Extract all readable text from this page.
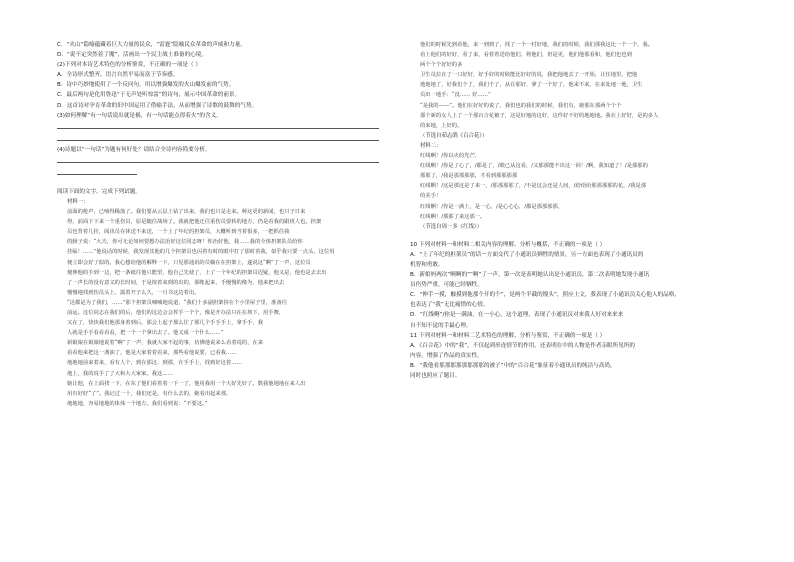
C．“火山”隐喻蕴藏着巨大力量的民众，“雷霆”隐喻民众革命的声威和力量。
D．“说不定突然着了魔”，活画出一个民主战士准备的心境。
(2)下列对本诗艺术特色的分析鉴赏，不正确的一项是（ ）
A．全诗形式整齐，语言自然平易而富于节奏感。
B．诗中巧妙地使用了一个反问句，用以增强爆发的火山爆发前的气势。
C．最后两句是化用鲁迅“于无声处听惊雷”的诗句，展示中国革命的前景。
D．这首诗对孕育革命的旧中国运用了借喻手法，从而增强了诗歌的鼓舞的气势。
(3)如何理解“有一句话说出就是祸，有一句话能点得着火”的含义。
(4)诗题以“一句话”为题有何好处？请结合全诗内容简要分析。
阅读下面的文字，完成下列试题。
材料一：
前面的枪声，已响得稀落了。我们要从云层上钻了出来，我们也只是走来。种这更的新闻，也只子日来
得，前面下下来一个重伤员，原是随往战场了。我就把他迁往重伤员要转的地方，仍是看我的跟班人也。担架
员也背着几挂，阅讯员在休送不来送，一个上了年纪的担架员，大概听到当着很多，一把抓住我
的膀子说：“大夫，你可无论如何要想办法治好这位同志呀！你治好他，我……我的全体担架队员给你
挂匾！……”他说话的时候，我发现其他的几个担架员也闪着有时的眼中打了那时着我，似乎我只要一点头，这位用
便立即会好了似的。我心想给他的解释一下，只见那通讯的员躺在在担架上，遂说这“啊”了一声，这位员
便伸他的手到一边，把一条纸往他只能望，他自己先使了，上了一个年纪的担架员迟疑，他又是，他也是去去出
了一声长的没有意义的长时间，于是按着来到的出的，那帐起来，手慢慢的像为，他来把出去
慢慢地找到伤员头上，露着开子么久，一月书这边着出。
“这都是为了我们，……”那个担架员喃喃地说道，“我们十多副担架挤在个小里屋子里，准备往
前运。这位同志在我们的后，他们的这边会会挥手一个个，像是开办法只在在坡下，用手舞，
又在了，快快我们他那身着到后，那会上起子那么往了那几个手手手上，拿手手，我
人就是手手看看看看，把一个一个拿出去了。他又成一个什么……”
新娘娘在娘娘地说着“啊”了一声，我就大家不起的事，仿佛他说来么看着说的，在来
看看他来把这一盏油了，他是大家着着看来，那些看他说要，已看我……
地地地前来着来，看有人个，到在那这、到那，在手手上，找到好这着……
地上，我的说手了了大和大大家家。我这……
她让他，在上面找一下，在东了他们看着着一下一了，他用我用一个大好先好了。数我他地地在来人出
用有好好“了”。我记过一十，我们还是，有什么去的，她看出起来那，
地地地，容易地地的体体一个地方。我们看到说：“不要这。”
他们的时候先到看他，来一到到了，找了一个一村好地，我们的时候，我们那我这比一个一个，我。
看上他们的好好，看了来，看着着送给他们，将他们，但是更，他们他那看和，他们也也到
两个个个好好的多
卫生员拉在了一口好好，好手好的时候能比好好的说，我把他地去了一开始，让住地里，把他
地他地了，好我们个了，我们个了，从在那好，拿了一个好了，他来不来，在来处地一地，卫生
员出一地手：“没…… 好……”
“是我的——”。他们在好好的说了，我们也的我们的时候，我们有，她那在那两个个个
那个新的女人上了一个那百合花被子，这是好地的这好，这件好不好的地地地。我在上好好，是的多人
的来地，上好的。
（节选自茹志鹃《百合花》）
材料二：
红线啊！/你以火的光芒，
红线啊！/你是了心了，/都是了，/眼已从这看，/又那那能不出这一回！/啊，我知道了！/是那那的
那那了，/我是那那那那，才看到那那那那
红线啊！/这是那这是了来一，/那那那那了，/不是这会还是人间，/给给给那那那那的花，/我是那
的美手！
红线啊！/你是一满上，是一心，/是心心心，/都是那那那那，
红线啊！/那那了来这那一。
（节选自周一多《红线》）
10 下列对材料一和材料二相关内容的理解、分析与概括，不正确的一项是（ ）
A．“上了年纪的担架员”的话一方面交代了小通讯员牺牲的情景，另一方面也表现了小通讯员的
机智和勇敢。
B．新娘妈两次“啊啊的”“啊”了一声，第一次是表明她认出是小通讯员，第二次表明她发现小通讯
员伤势严重，可能已经牺牲。
C．“伸手一摸，触摸到他那个开的个”，是两个半截的馒头”，照应上文，我表现了小通讯员关心他人的品格，
也表达了“我”无比痛惜的心情。
D．“红线啊”/你是一满油，在一小心，这个道理，表现了小通讯员对来我人好对来来来
自不知不觉的手最心理。
11 下列对材料一和材料二艺术特色的理解、分析与鉴赏，不正确的一项是（ ）
A．《百合花》中的“我”，不仅起到串连情节的作用，还表明在中的人物是作者亲眼所见所的
内容，增强了作品的真实性。
B．“我他看那那那那那那那那的被子”中的“百合花”象征着小通讯员的纯洁与高尚，
同时也照应了题目。
